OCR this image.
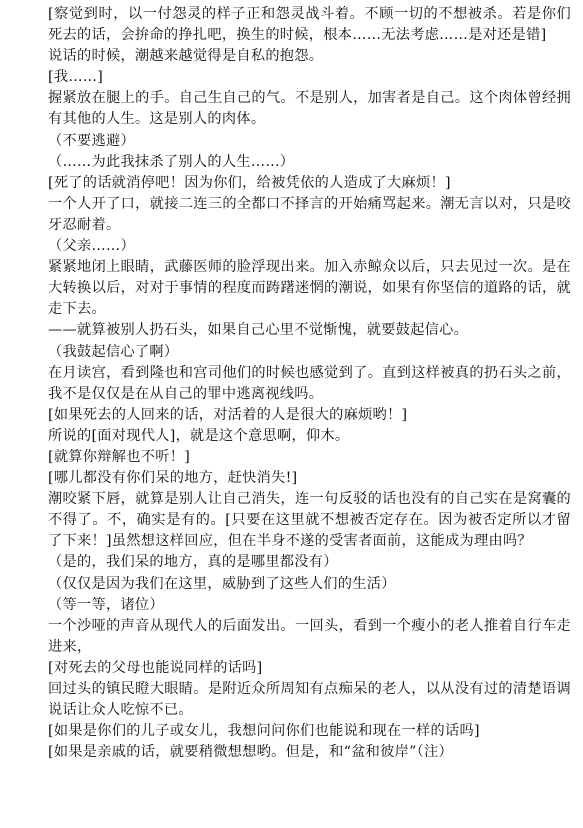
[察觉到时，以一付怨灵的样子正和怨灵战斗着。不顾一切的不想被杀。若是你们死去的话，会拚命的挣扎吧，换生的时候，根本……无法考虑……是对还是错]

说话的时候，潮越来越觉得是自私的抱怨。

[我……]

握紧放在腿上的手。自己生自己的气。不是别人，加害者是自己。这个肉体曾经拥有其他的人生。这是别人的肉体。

（不要逃避）

（……为此我抹杀了别人的人生……）

[死了的话就消停吧！因为你们，给被凭依的人造成了大麻烦！]

一个人开了口，就接二连三的全都口不择言的开始痛骂起来。潮无言以对，只是咬牙忍耐着。

（父亲……）

紧紧地闭上眼睛，武藤医师的脸浮现出来。加入赤鲸众以后，只去见过一次。是在大转换以后，对对于事情的程度而踌躇迷惘的潮说，如果有你坚信的道路的话，就走下去。

——就算被别人扔石头，如果自己心里不觉惭愧，就要鼓起信心。

（我鼓起信心了啊）

在月读宫，看到隆也和宫司他们的时候也感觉到了。直到这样被真的扔石头之前，我不是仅仅是在从自己的罪中逃离视线吗。

[如果死去的人回来的话，对活着的人是很大的麻烦哟！]

所说的[面对现代人]，就是这个意思啊，仰木。

[就算你辩解也不听！]

[哪儿都没有你们呆的地方，赶快消失!]

潮咬紧下唇，就算是别人让自己消失，连一句反驳的话也没有的自己实在是窝囊的不得了。不，确实是有的。[只要在这里就不想被否定存在。因为被否定所以才留了下来！]虽然想这样回应，但在半身不遂的受害者面前，这能成为理由吗？

（是的，我们呆的地方，真的是哪里都没有）

（仅仅是因为我们在这里，威胁到了这些人们的生活）

（等一等，诸位）

一个沙哑的声音从现代人的后面发出。一回头，看到一个瘦小的老人推着自行车走进来，

[对死去的父母也能说同样的话吗]

回过头的镇民瞪大眼睛。是附近众所周知有点痴呆的老人，以从没有过的清楚语调说话让众人吃惊不已。

[如果是你们的儿子或女儿，我想问问你们也能说和现在一样的话吗]

[如果是亲戚的话，就要稍微想想哟。但是，和“盆和彼岸”（注）
